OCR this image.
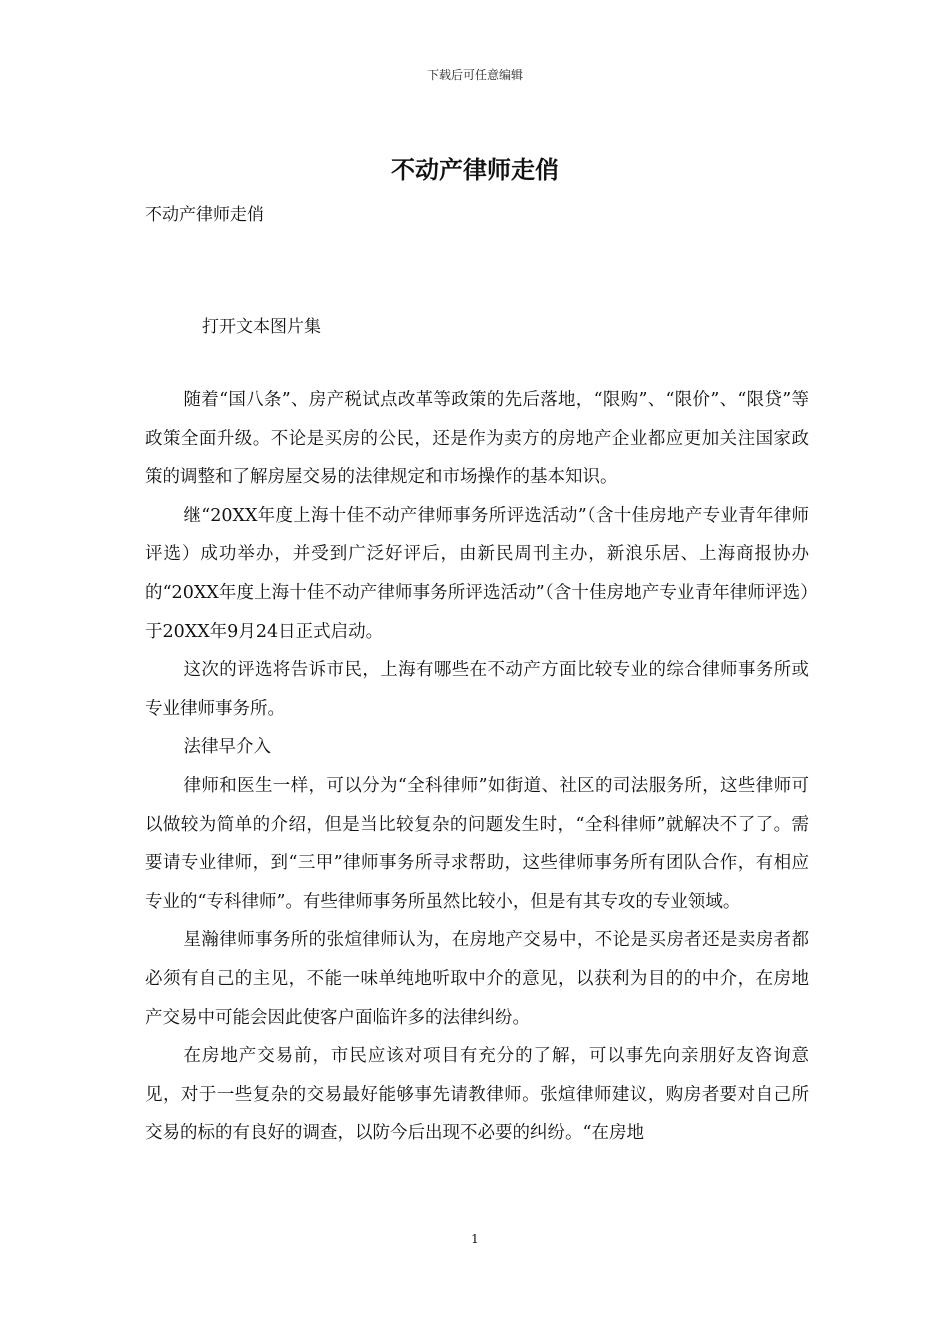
下载后可任意编辑
不动产律师走俏

不动产律师走俏

打开文本图片集

随着“国八条”、房产税试点改革等政策的先后落地，“限购”、“限价”、“限贷”等政策全面升级。不论是买房的公民，还是作为卖方的房地产企业都应更加关注国家政策的调整和了解房屋交易的法律规定和市场操作的基本知识。

继“20XX年度上海十佳不动产律师事务所评选活动”（含十佳房地产专业青年律师评选）成功举办，并受到广泛好评后，由新民周刊主办，新浪乐居、上海商报协办的“20XX年度上海十佳不动产律师事务所评选活动”（含十佳房地产专业青年律师评选）于20XX年9月24日正式启动。

这次的评选将告诉市民，上海有哪些在不动产方面比较专业的综合律师事务所或专业律师事务所。

法律早介入

律师和医生一样，可以分为“全科律师”如街道、社区的司法服务所，这些律师可以做较为简单的介绍，但是当比较复杂的问题发生时，“全科律师”就解决不了了。需要请专业律师，到“三甲”律师事务所寻求帮助，这些律师事务所有团队合作，有相应专业的“专科律师”。有些律师事务所虽然比较小，但是有其专攻的专业领域。

星瀚律师事务所的张煊律师认为，在房地产交易中，不论是买房者还是卖房者都必须有自己的主见，不能一味单纯地听取中介的意见，以获利为目的的中介，在房地产交易中可能会因此使客户面临许多的法律纠纷。

在房地产交易前，市民应该对项目有充分的了解，可以事先向亲朋好友咨询意见，对于一些复杂的交易最好能够事先请教律师。张煊律师建议，购房者要对自己所交易的标的有良好的调查，以防今后出现不必要的纠纷。“在房地

1
